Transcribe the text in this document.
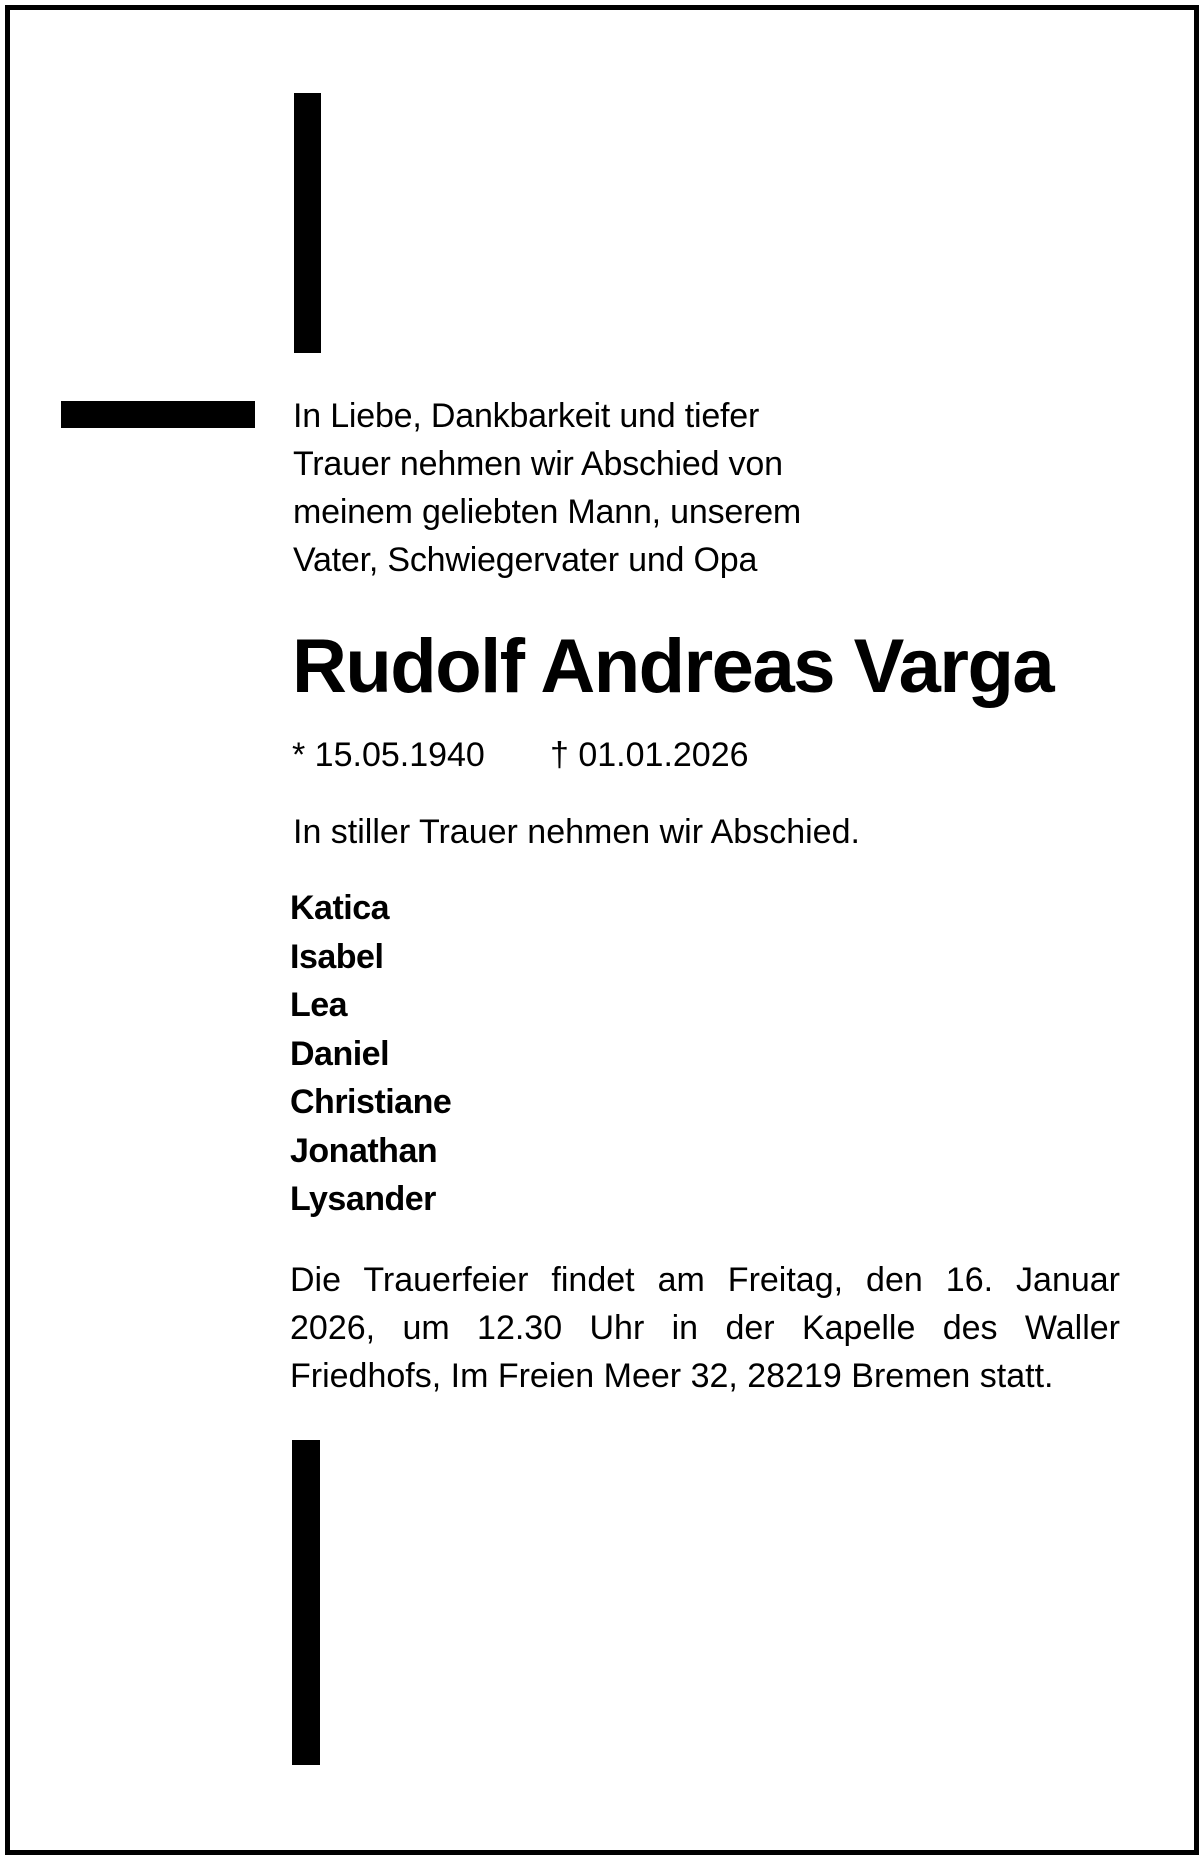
In Liebe, Dankbarkeit und tiefer
Trauer nehmen wir Abschied von
meinem geliebten Mann, unserem
Vater, Schwiegervater und Opa
Rudolf Andreas Varga
* 15.05.1940 † 01.01.2026
In stiller Trauer nehmen wir Abschied.
Katica
Isabel
Lea
Daniel
Christiane
Jonathan
Lysander
Die Trauerfeier findet am Freitag, den 16. Januar
2026, um 12.30 Uhr in der Kapelle des Waller
Friedhofs, Im Freien Meer 32, 28219 Bremen statt.
